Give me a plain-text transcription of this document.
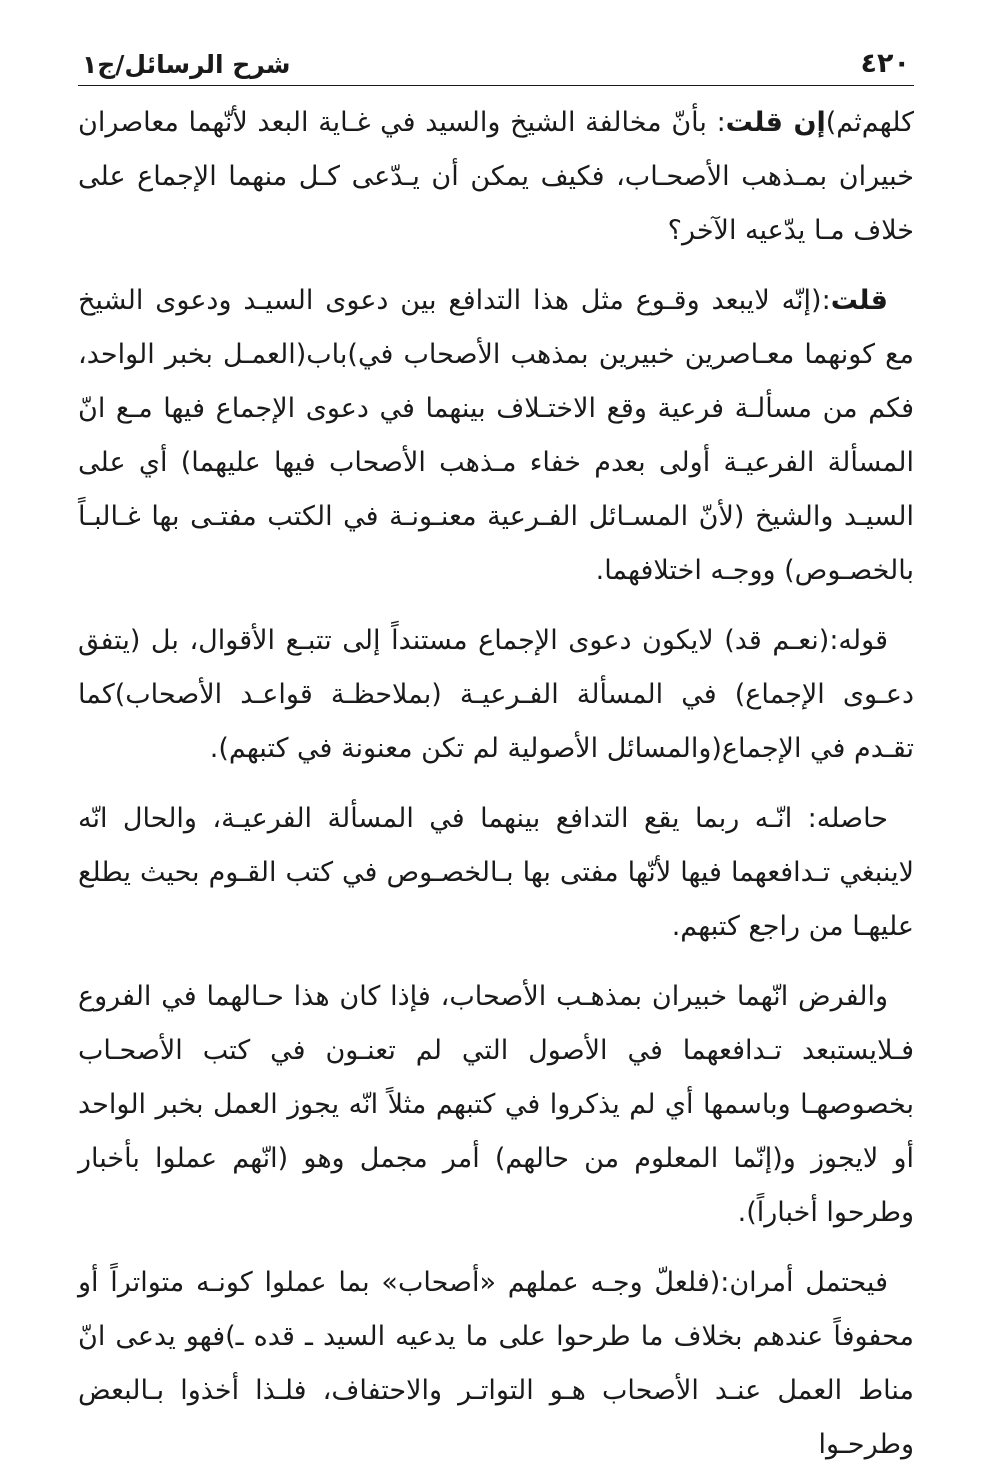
٤٢٠
شرح الرسائل/ج١

كلهم‌ثم)إن قلت: بأنّ مخالفة الشيخ والسيد في غـاية البعد لأنّهما معاصران خبيران بمـذهب الأصحـاب، فكيف يمكن أن يـدّعى كـل منهما الإجماع على خلاف مـا يدّعيه الآخر؟

قلت:(إنّه لايبعد وقـوع مثل هذا التدافع بين دعوى السيـد ودعوى الشيخ مع كونهما معـاصرين خبيرين بمذهب الأصحاب في)باب(العمـل بخبر الواحد، فكم من مسألـة فرعية وقع الاختـلاف بينهما في دعوى الإجماع فيها مـع انّ المسألة الفرعيـة أولى بعدم خفاء مـذهب الأصحاب فيها عليهما) أي على السيـد والشيخ (لأنّ المسـائل الفـرعية معنـونـة في الكتب مفتـى بها غـالبـاً بالخصـوص) ووجـه اختلافهما.

قوله:(نعـم قد) لايكون دعوى الإجماع مستنداً إلى تتبـع الأقوال، بل (يتفق دعـوى الإجماع) في المسألة الفـرعيـة (بملاحظـة قواعـد الأصحاب)كما تقـدم في الإجماع(والمسائل الأصولية لم تكن معنونة في كتبهم).

حاصله: انّـه ربما يقع التدافع بينهما في المسألة الفرعيـة، والحال انّه لاينبغي تـدافعهما فيها لأنّها مفتى بها بـالخصـوص في كتب القـوم بحيث يطلع عليهـا من راجع كتبهم.

والفرض انّهما خبيران بمذهـب الأصحاب، فإذا كان هذا حـالهما في الفروع فـلايستبعد تـدافعهما في الأصول التي لم تعنـون في كتب الأصحـاب بخصوصهـا وباسمها أي لم يذكروا في كتبهم مثلاً انّه يجوز العمل بخبر الواحد أو لايجوز و(إنّما المعلوم من حالهم) أمر مجمل وهو (انّهم عملوا بأخبار وطرحوا أخباراً).

فيحتمل أمران:(فلعلّ وجـه عملهم «أصحاب» بما عملوا كونـه متواتراً أو محفوفاً عندهم بخلاف ما طرحوا على ما يدعيه السيد ـ قده ـ)فهو يدعى انّ مناط العمل عنـد الأصحاب هـو التواتـر والاحتفاف، فلـذا أخذوا بـالبعض وطرحـوا
